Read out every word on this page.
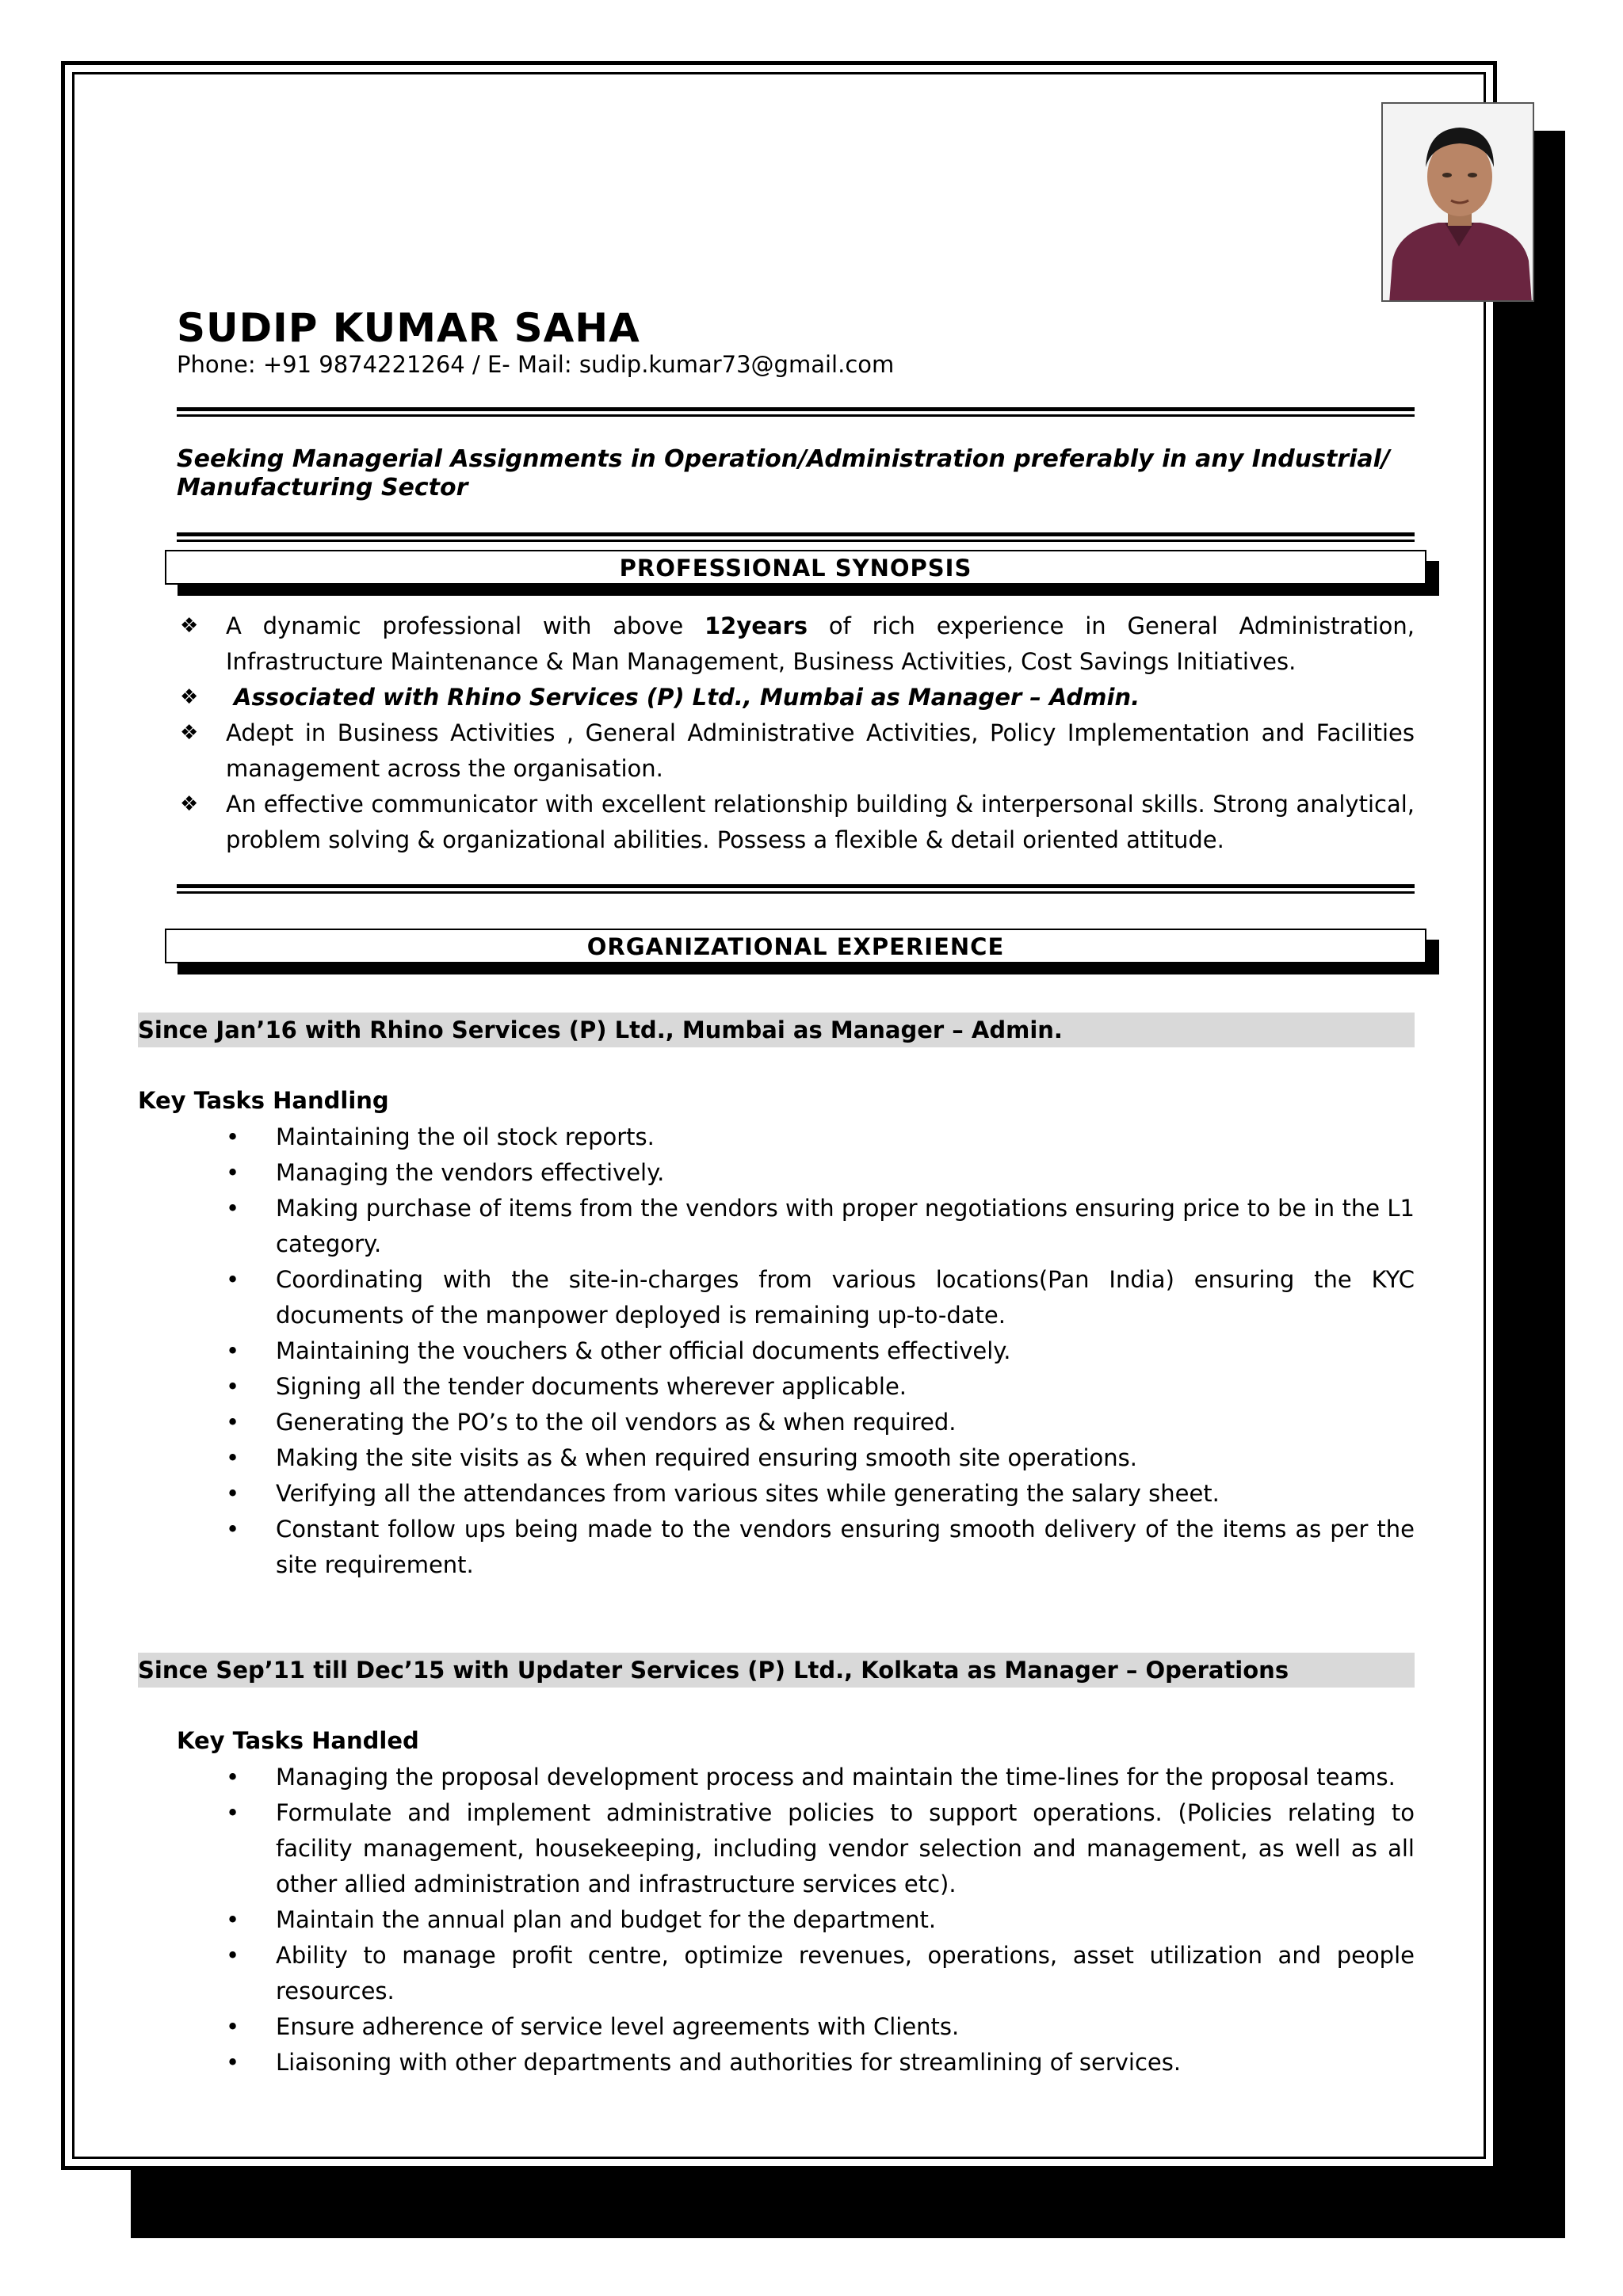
SUDIP KUMAR SAHA
Phone: +91 9874221264 / E- Mail: sudip.kumar73@gmail.com
Seeking Managerial Assignments in Operation/Administration preferably in any Industrial/
Manufacturing Sector
PROFESSIONAL SYNOPSIS
❖ A dynamic professional with above 12years of rich experience in General Administration, Infrastructure Maintenance & Man Management, Business Activities, Cost Savings Initiatives.
❖ Associated with Rhino Services (P) Ltd., Mumbai as Manager – Admin.
❖ Adept in Business Activities , General Administrative Activities, Policy Implementation and Facilities management across the organisation.
❖ An effective communicator with excellent relationship building & interpersonal skills. Strong analytical, problem solving & organizational abilities. Possess a flexible & detail oriented attitude.
ORGANIZATIONAL EXPERIENCE
Since Jan’16 with Rhino Services (P) Ltd., Mumbai as Manager – Admin.
Key Tasks Handling
• Maintaining the oil stock reports.
• Managing the vendors effectively.
• Making purchase of items from the vendors with proper negotiations ensuring price to be in the L1 category.
• Coordinating with the site-in-charges from various locations(Pan India) ensuring the KYC documents of the manpower deployed is remaining up-to-date.
• Maintaining the vouchers & other official documents effectively.
• Signing all the tender documents wherever applicable.
• Generating the PO’s to the oil vendors as & when required.
• Making the site visits as & when required ensuring smooth site operations.
• Verifying all the attendances from various sites while generating the salary sheet.
• Constant follow ups being made to the vendors ensuring smooth delivery of the items as per the site requirement.
Since Sep’11 till Dec’15 with Updater Services (P) Ltd., Kolkata as Manager – Operations
Key Tasks Handled
• Managing the proposal development process and maintain the time-lines for the proposal teams.
• Formulate and implement administrative policies to support operations. (Policies relating to facility management, housekeeping, including vendor selection and management, as well as all other allied administration and infrastructure services etc).
• Maintain the annual plan and budget for the department.
• Ability to manage profit centre, optimize revenues, operations, asset utilization and people resources.
• Ensure adherence of service level agreements with Clients.
• Liaisoning with other departments and authorities for streamlining of services.
